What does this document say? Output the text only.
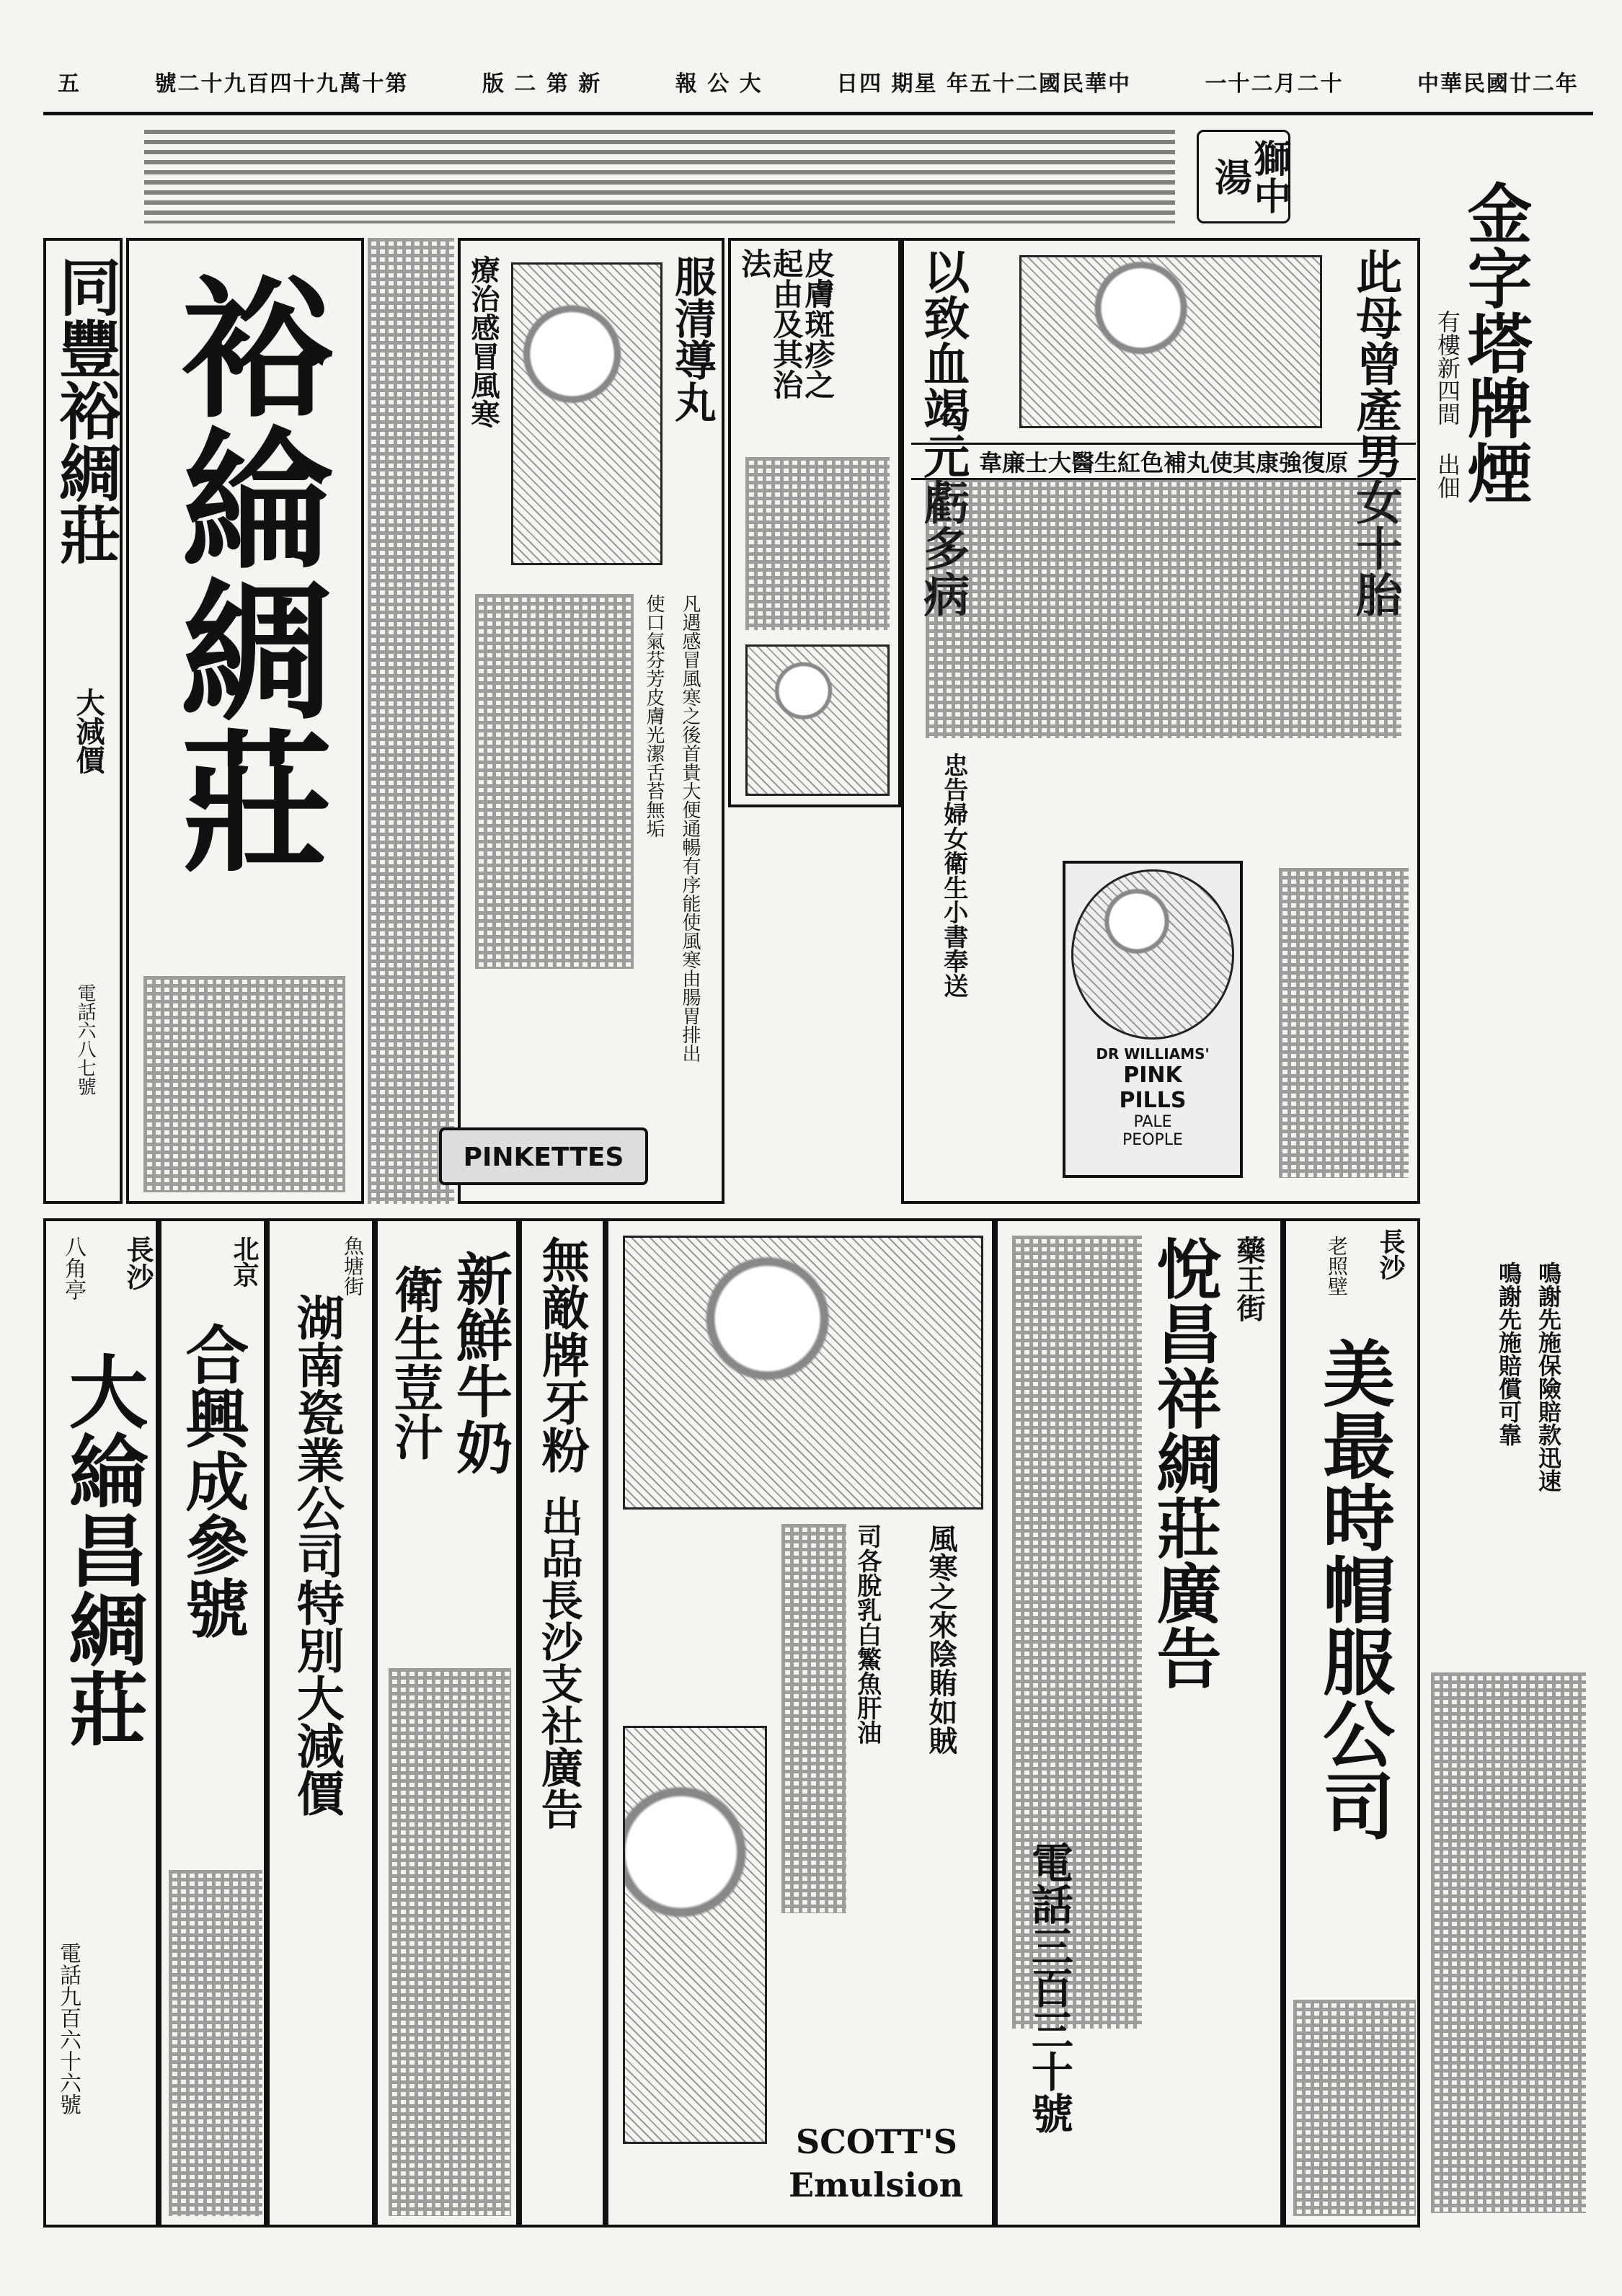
五	號二十九百四十九萬十第	版 二 第 新	報 公 大	日四 期星 年五十二國民華中	一十二月二十	中華民國廿二年
獅中湯
同豐裕綢莊
大減價
電話六八七號
裕綸綢莊	服清導丸
療治感冒風寒
凡遇感冒風寒之後首貴大便通暢有序能使風寒由腸胃排出
使口氣芬芳皮膚光潔舌苔無垢
PINKETTES
皮膚斑疹之起由及其治法	此母曾產男女十胎
以致血竭元虧多病 韋廉士大醫生紅色補丸使其康強復原
忠告婦女衛生小書奉送
DR WILLIAMS'
PINK
PILLS
PALE
PEOPLE
金字塔牌煙
有樓新四間 出佃
鳴謝先施保險賠款迅速
鳴謝先施賠償可靠
長沙
八角亭
大綸昌綢莊
電話九百六十六號
北京
合興成參號
魚塘街
湖南瓷業公司特別大減價 新鮮牛奶
衛生荳汁 無敵牌牙粉
出品長沙支社廣告	風寒之來陰賄如賊
司各脫乳白鰵魚肝油
SCOTT'S
Emulsion
藥王街
悅昌祥綢莊廣告
電話三百三十號
長沙
老照壁
美最時帽服公司
